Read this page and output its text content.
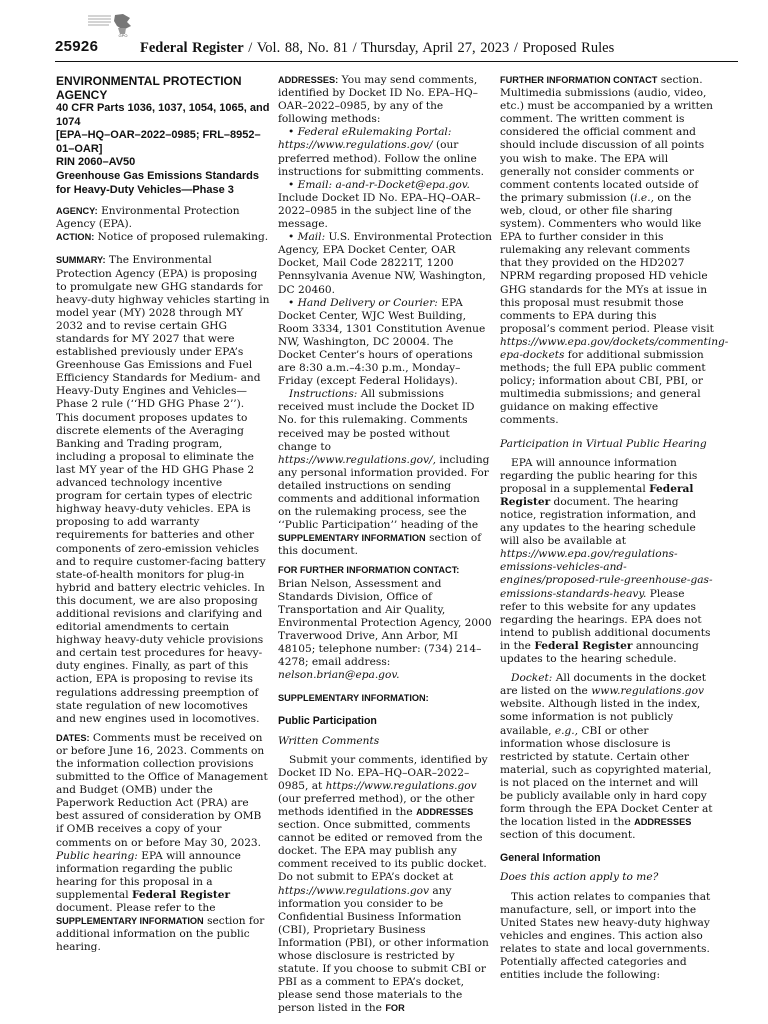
GPO
25926	Federal Register / Vol. 88, No. 81 / Thursday, April 27, 2023 / Proposed Rules

ENVIRONMENTAL PROTECTION AGENCY

40 CFR Parts 1036, 1037, 1054, 1065, and 1074

[EPA–HQ–OAR–2022–0985; FRL–8952–01–OAR]

RIN 2060–AV50

Greenhouse Gas Emissions Standards for Heavy-Duty Vehicles—Phase 3

AGENCY: Environmental Protection Agency (EPA).

ACTION: Notice of proposed rulemaking.

SUMMARY: The Environmental Protection Agency (EPA) is proposing to promulgate new GHG standards for heavy-duty highway vehicles starting in model year (MY) 2028 through MY 2032 and to revise certain GHG standards for MY 2027 that were established previously under EPA’s Greenhouse Gas Emissions and Fuel Efficiency Standards for Medium- and Heavy-Duty Engines and Vehicles—Phase 2 rule (‘‘HD GHG Phase 2’’). This document proposes updates to discrete elements of the Averaging Banking and Trading program, including a proposal to eliminate the last MY year of the HD GHG Phase 2 advanced technology incentive program for certain types of electric highway heavy-duty vehicles. EPA is proposing to add warranty requirements for batteries and other components of zero-emission vehicles and to require customer-facing battery state-of-health monitors for plug-in hybrid and battery electric vehicles. In this document, we are also proposing additional revisions and clarifying and editorial amendments to certain highway heavy-duty vehicle provisions and certain test procedures for heavy-duty engines. Finally, as part of this action, EPA is proposing to revise its regulations addressing preemption of state regulation of new locomotives and new engines used in locomotives.

DATES: Comments must be received on or before June 16, 2023. Comments on the information collection provisions submitted to the Office of Management and Budget (OMB) under the Paperwork Reduction Act (PRA) are best assured of consideration by OMB if OMB receives a copy of your comments on or before May 30, 2023. Public hearing: EPA will announce information regarding the public hearing for this proposal in a supplemental Federal Register document. Please refer to the SUPPLEMENTARY INFORMATION section for additional information on the public hearing.

ADDRESSES: You may send comments, identified by Docket ID No. EPA–HQ–OAR–2022–0985, by any of the following methods:

• Federal eRulemaking Portal: https://www.regulations.gov/ (our preferred method). Follow the online instructions for submitting comments.

• Email: a-and-r-Docket@epa.gov. Include Docket ID No. EPA–HQ–OAR–2022–0985 in the subject line of the message.

• Mail: U.S. Environmental Protection Agency, EPA Docket Center, OAR Docket, Mail Code 28221T, 1200 Pennsylvania Avenue NW, Washington, DC 20460.

• Hand Delivery or Courier: EPA Docket Center, WJC West Building, Room 3334, 1301 Constitution Avenue NW, Washington, DC 20004. The Docket Center’s hours of operations are 8:30 a.m.–4:30 p.m., Monday–Friday (except Federal Holidays).

Instructions: All submissions received must include the Docket ID No. for this rulemaking. Comments received may be posted without change to https://www.regulations.gov/, including any personal information provided. For detailed instructions on sending comments and additional information on the rulemaking process, see the ‘‘Public Participation’’ heading of the SUPPLEMENTARY INFORMATION section of this document.

FOR FURTHER INFORMATION CONTACT: Brian Nelson, Assessment and Standards Division, Office of Transportation and Air Quality, Environmental Protection Agency, 2000 Traverwood Drive, Ann Arbor, MI 48105; telephone number: (734) 214–4278; email address: nelson.brian@epa.gov.

SUPPLEMENTARY INFORMATION:

Public Participation

Written Comments

Submit your comments, identified by Docket ID No. EPA–HQ–OAR–2022–0985, at https://www.regulations.gov (our preferred method), or the other methods identified in the ADDRESSES section. Once submitted, comments cannot be edited or removed from the docket. The EPA may publish any comment received to its public docket. Do not submit to EPA’s docket at https://www.regulations.gov any information you consider to be Confidential Business Information (CBI), Proprietary Business Information (PBI), or other information whose disclosure is restricted by statute. If you choose to submit CBI or PBI as a comment to EPA’s docket, please send those materials to the person listed in the FOR

FURTHER INFORMATION CONTACT section. Multimedia submissions (audio, video, etc.) must be accompanied by a written comment. The written comment is considered the official comment and should include discussion of all points you wish to make. The EPA will generally not consider comments or comment contents located outside of the primary submission (i.e., on the web, cloud, or other file sharing system). Commenters who would like EPA to further consider in this rulemaking any relevant comments that they provided on the HD2027 NPRM regarding proposed HD vehicle GHG standards for the MYs at issue in this proposal must resubmit those comments to EPA during this proposal’s comment period. Please visit https://www.epa.gov/dockets/commenting-epa-dockets for additional submission methods; the full EPA public comment policy; information about CBI, PBI, or multimedia submissions; and general guidance on making effective comments.

Participation in Virtual Public Hearing

EPA will announce information regarding the public hearing for this proposal in a supplemental Federal Register document. The hearing notice, registration information, and any updates to the hearing schedule will also be available at https://www.epa.gov/regulations-emissions-vehicles-and-engines/proposed-rule-greenhouse-gas-emissions-standards-heavy. Please refer to this website for any updates regarding the hearings. EPA does not intend to publish additional documents in the Federal Register announcing updates to the hearing schedule.

Docket: All documents in the docket are listed on the www.regulations.gov website. Although listed in the index, some information is not publicly available, e.g., CBI or other information whose disclosure is restricted by statute. Certain other material, such as copyrighted material, is not placed on the internet and will be publicly available only in hard copy form through the EPA Docket Center at the location listed in the ADDRESSES section of this document.

General Information

Does this action apply to me?

This action relates to companies that manufacture, sell, or import into the United States new heavy-duty highway vehicles and engines. This action also relates to state and local governments. Potentially affected categories and entities include the following:
